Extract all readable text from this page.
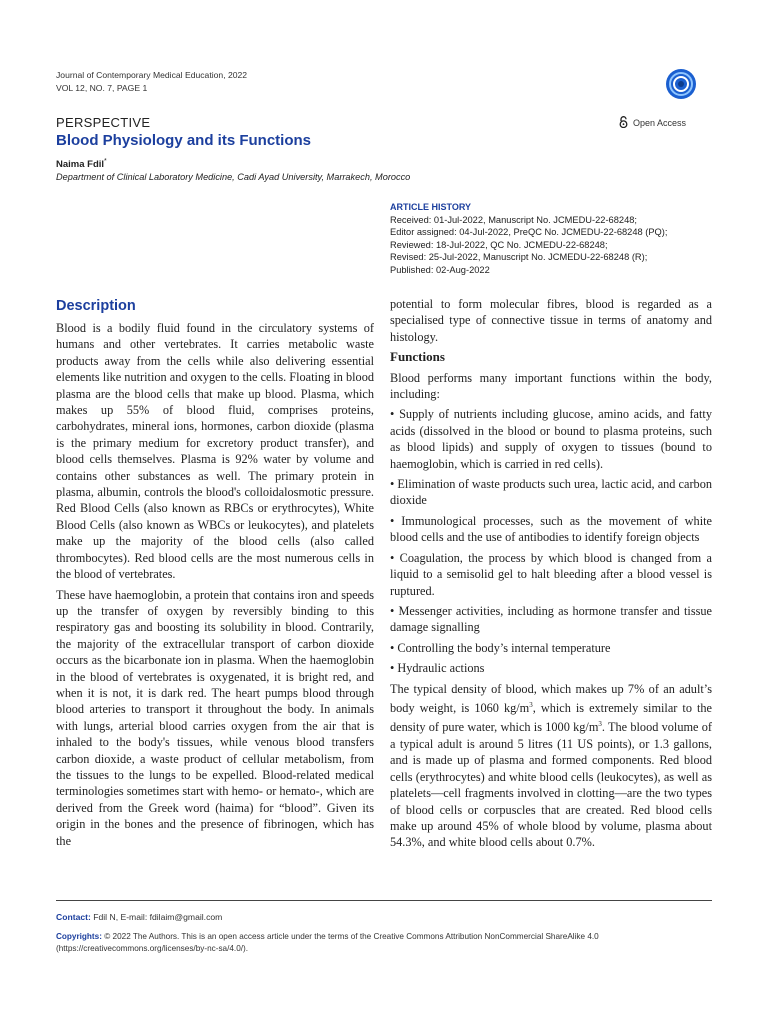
Journal of Contemporary Medical Education, 2022
VOL 12, NO. 7, PAGE 1
PERSPECTIVE
Blood Physiology and its Functions
Open Access
Naima Fdil*
Department of Clinical Laboratory Medicine, Cadi Ayad University, Marrakech, Morocco
ARTICLE HISTORY
Received: 01-Jul-2022, Manuscript No. JCMEDU-22-68248;
Editor assigned: 04-Jul-2022, PreQC No. JCMEDU-22-68248 (PQ);
Reviewed: 18-Jul-2022, QC No. JCMEDU-22-68248;
Revised: 25-Jul-2022, Manuscript No. JCMEDU-22-68248 (R);
Published: 02-Aug-2022
Description

Blood is a bodily fluid found in the circulatory systems of humans and other vertebrates. It carries metabolic waste products away from the cells while also delivering essential elements like nutrition and oxygen to the cells. Floating in blood plasma are the blood cells that make up blood. Plasma, which makes up 55% of blood fluid, comprises proteins, carbohydrates, mineral ions, hormones, carbon dioxide (plasma is the primary medium for excretory product transfer), and blood cells themselves. Plasma is 92% water by volume and contains other substances as well. The primary protein in plasma, albumin, controls the blood's colloidalosmotic pressure. Red Blood Cells (also known as RBCs or erythrocytes), White Blood Cells (also known as WBCs or leukocytes), and platelets make up the majority of the blood cells (also called thrombocytes). Red blood cells are the most numerous cells in the blood of vertebrates.

These have haemoglobin, a protein that contains iron and speeds up the transfer of oxygen by reversibly binding to this respiratory gas and boosting its solubility in blood. Contrarily, the majority of the extracellular transport of carbon dioxide occurs as the bicarbonate ion in plasma. When the haemoglobin in the blood of vertebrates is oxygenated, it is bright red, and when it is not, it is dark red. The heart pumps blood through blood arteries to transport it throughout the body. In animals with lungs, arterial blood carries oxygen from the air that is inhaled to the body's tissues, while venous blood transfers carbon dioxide, a waste product of cellular metabolism, from the tissues to the lungs to be expelled. Blood-related medical terminologies sometimes start with hemo- or hemato-, which are derived from the Greek word (haima) for “blood”. Given its origin in the bones and the presence of fibrinogen, which has the

potential to form molecular fibres, blood is regarded as a specialised type of connective tissue in terms of anatomy and histology.

Functions

Blood performs many important functions within the body, including:

• Supply of nutrients including glucose, amino acids, and fatty acids (dissolved in the blood or bound to plasma proteins, such as blood lipids) and supply of oxygen to tissues (bound to haemoglobin, which is carried in red cells).

• Elimination of waste products such urea, lactic acid, and carbon dioxide

• Immunological processes, such as the movement of white blood cells and the use of antibodies to identify foreign objects

• Coagulation, the process by which blood is changed from a liquid to a semisolid gel to halt bleeding after a blood vessel is ruptured.

• Messenger activities, including as hormone transfer and tissue damage signalling

• Controlling the body’s internal temperature

• Hydraulic actions

The typical density of blood, which makes up 7% of an adult’s body weight, is 1060 $kg/m^3$, which is extremely similar to the density of pure water, which is 1000 $kg/m^3$. The blood volume of a typical adult is around 5 litres (11 US points), or 1.3 gallons, and is made up of plasma and formed components. Red blood cells (erythrocytes) and white blood cells (leukocytes), as well as platelets—cell fragments involved in clotting—are the two types of blood cells or corpuscles that are created. Red blood cells make up around 45% of whole blood by volume, plasma about 54.3%, and white blood cells about 0.7%.

Contact: Fdil N, E-mail: fdilaim@gmail.com
Copyrights: © 2022 The Authors. This is an open access article under the terms of the Creative Commons Attribution NonCommercial ShareAlike 4.0 (https://creativecommons.org/licenses/by-nc-sa/4.0/).
